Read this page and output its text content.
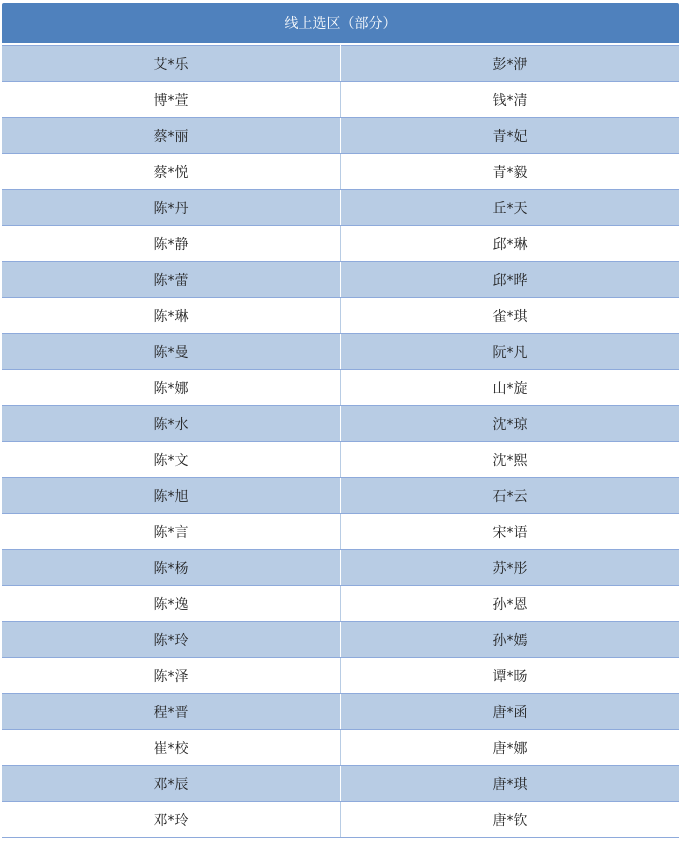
线上选区（部分）
艾*乐	彭*洢
博*萱	钱*清
蔡*丽	青*妃
蔡*悦	青*毅
陈*丹	丘*天
陈*静	邱*琳
陈*蕾	邱*晔
陈*琳	雀*琪
陈*曼	阮*凡
陈*娜	山*旋
陈*水	沈*琼
陈*文	沈*熙
陈*旭	石*云
陈*言	宋*语
陈*杨	苏*彤
陈*逸	孙*恩
陈*玲	孙*嫣
陈*泽	谭*旸
程*晋	唐*函
崔*校	唐*娜
邓*辰	唐*琪
邓*玲	唐*钦
